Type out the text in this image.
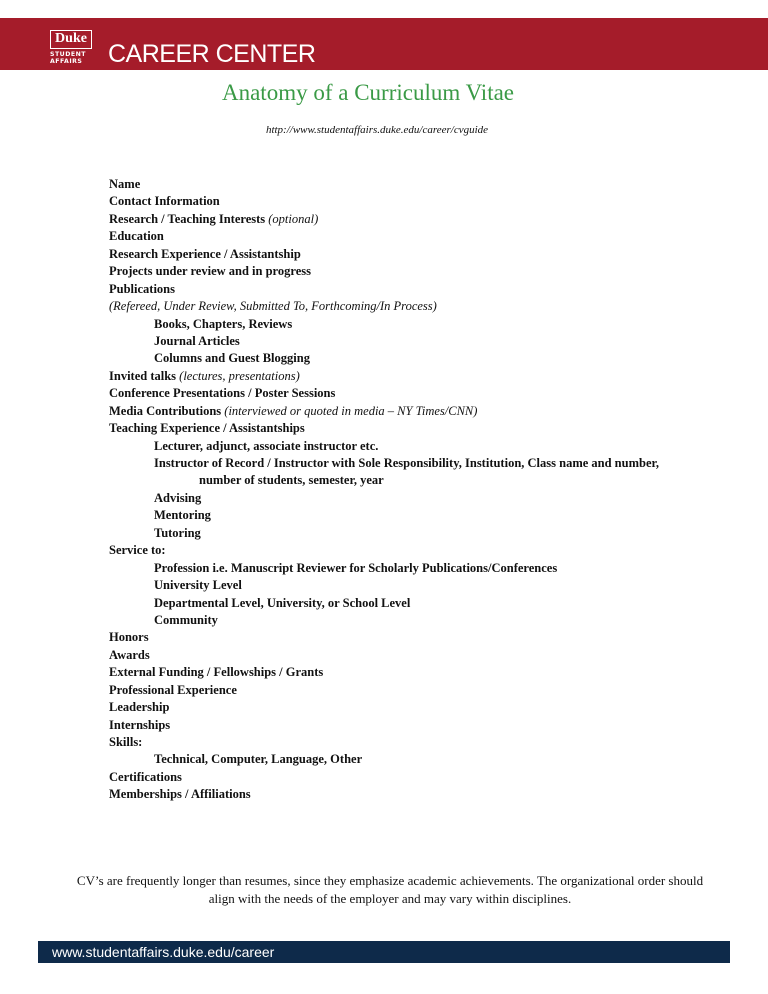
Duke
STUDENT
AFFAIRS	CAREER CENTER
Anatomy of a Curriculum Vitae
http://www.studentaffairs.duke.edu/career/cvguide
Name
Contact Information
Research / Teaching Interests (optional)
Education
Research Experience / Assistantship
Projects under review and in progress
Publications
(Refereed, Under Review, Submitted To, Forthcoming/In Process)
Books, Chapters, Reviews
Journal Articles
Columns and Guest Blogging
Invited talks (lectures, presentations)
Conference Presentations / Poster Sessions
Media Contributions (interviewed or quoted in media – NY Times/CNN)
Teaching Experience / Assistantships
Lecturer, adjunct, associate instructor etc.
Instructor of Record / Instructor with Sole Responsibility, Institution, Class name and number,
number of students, semester, year
Advising
Mentoring
Tutoring
Service to:
Profession i.e. Manuscript Reviewer for Scholarly Publications/Conferences
University Level
Departmental Level, University, or School Level
Community
Honors
Awards
External Funding / Fellowships / Grants
Professional Experience
Leadership
Internships
Skills:
Technical, Computer, Language, Other
Certifications
Memberships / Affiliations
CV’s are frequently longer than resumes, since they emphasize academic achievements. The organizational order should
align with the needs of the employer and may vary within disciplines.
www.studentaffairs.duke.edu/career
